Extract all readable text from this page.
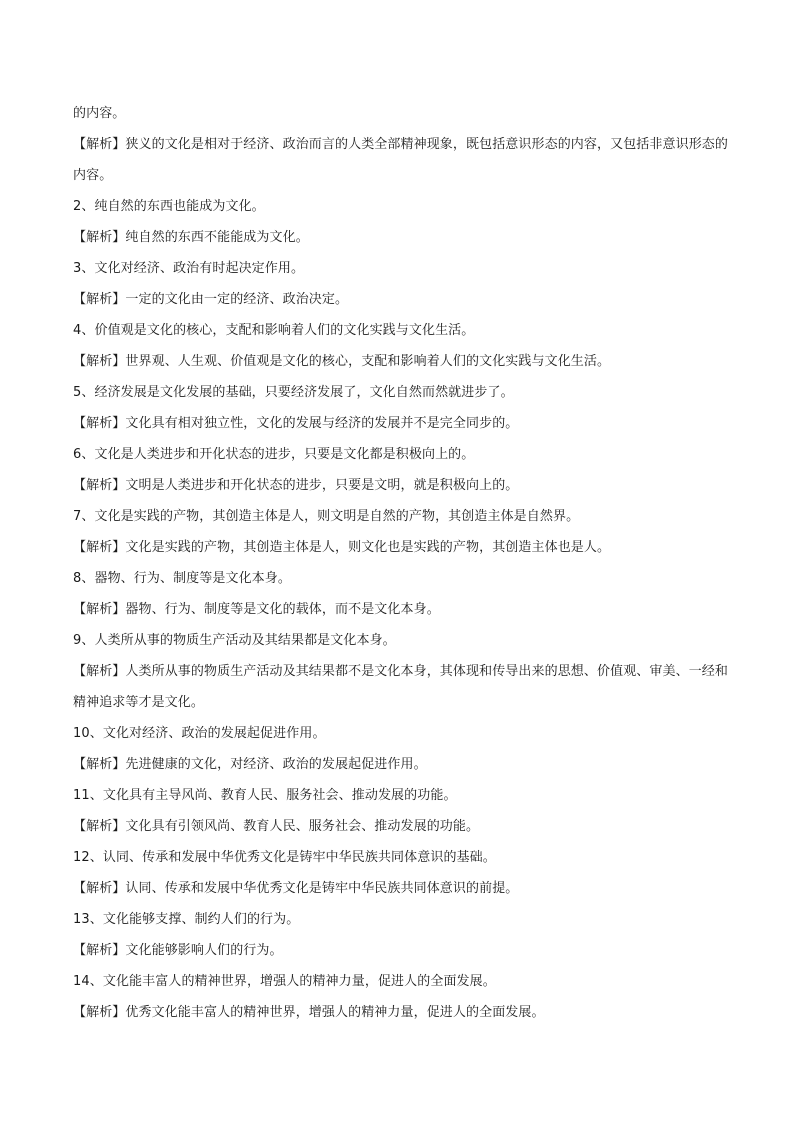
的内容。
【解析】狭义的文化是相对于经济、政治而言的人类全部精神现象，既包括意识形态的内容，又包括非意识形态的内容。
2、纯自然的东西也能成为文化。
【解析】纯自然的东西不能能成为文化。
3、文化对经济、政治有时起决定作用。
【解析】一定的文化由一定的经济、政治决定。
4、价值观是文化的核心，支配和影响着人们的文化实践与文化生活。
【解析】世界观、人生观、价值观是文化的核心，支配和影响着人们的文化实践与文化生活。
5、经济发展是文化发展的基础，只要经济发展了，文化自然而然就进步了。
【解析】文化具有相对独立性，文化的发展与经济的发展并不是完全同步的。
6、文化是人类进步和开化状态的进步，只要是文化都是积极向上的。
【解析】文明是人类进步和开化状态的进步，只要是文明，就是积极向上的。
7、文化是实践的产物，其创造主体是人，则文明是自然的产物，其创造主体是自然界。
【解析】文化是实践的产物，其创造主体是人，则文化也是实践的产物，其创造主体也是人。
8、器物、行为、制度等是文化本身。
【解析】器物、行为、制度等是文化的载体，而不是文化本身。
9、人类所从事的物质生产活动及其结果都是文化本身。
【解析】人类所从事的物质生产活动及其结果都不是文化本身，其体现和传导出来的思想、价值观、审美、一经和精神追求等才是文化。
10、文化对经济、政治的发展起促进作用。
【解析】先进健康的文化，对经济、政治的发展起促进作用。
11、文化具有主导风尚、教育人民、服务社会、推动发展的功能。
【解析】文化具有引领风尚、教育人民、服务社会、推动发展的功能。
12、认同、传承和发展中华优秀文化是铸牢中华民族共同体意识的基础。
【解析】认同、传承和发展中华优秀文化是铸牢中华民族共同体意识的前提。
13、文化能够支撑、制约人们的行为。
【解析】文化能够影响人们的行为。
14、文化能丰富人的精神世界，增强人的精神力量，促进人的全面发展。
【解析】优秀文化能丰富人的精神世界，增强人的精神力量，促进人的全面发展。
